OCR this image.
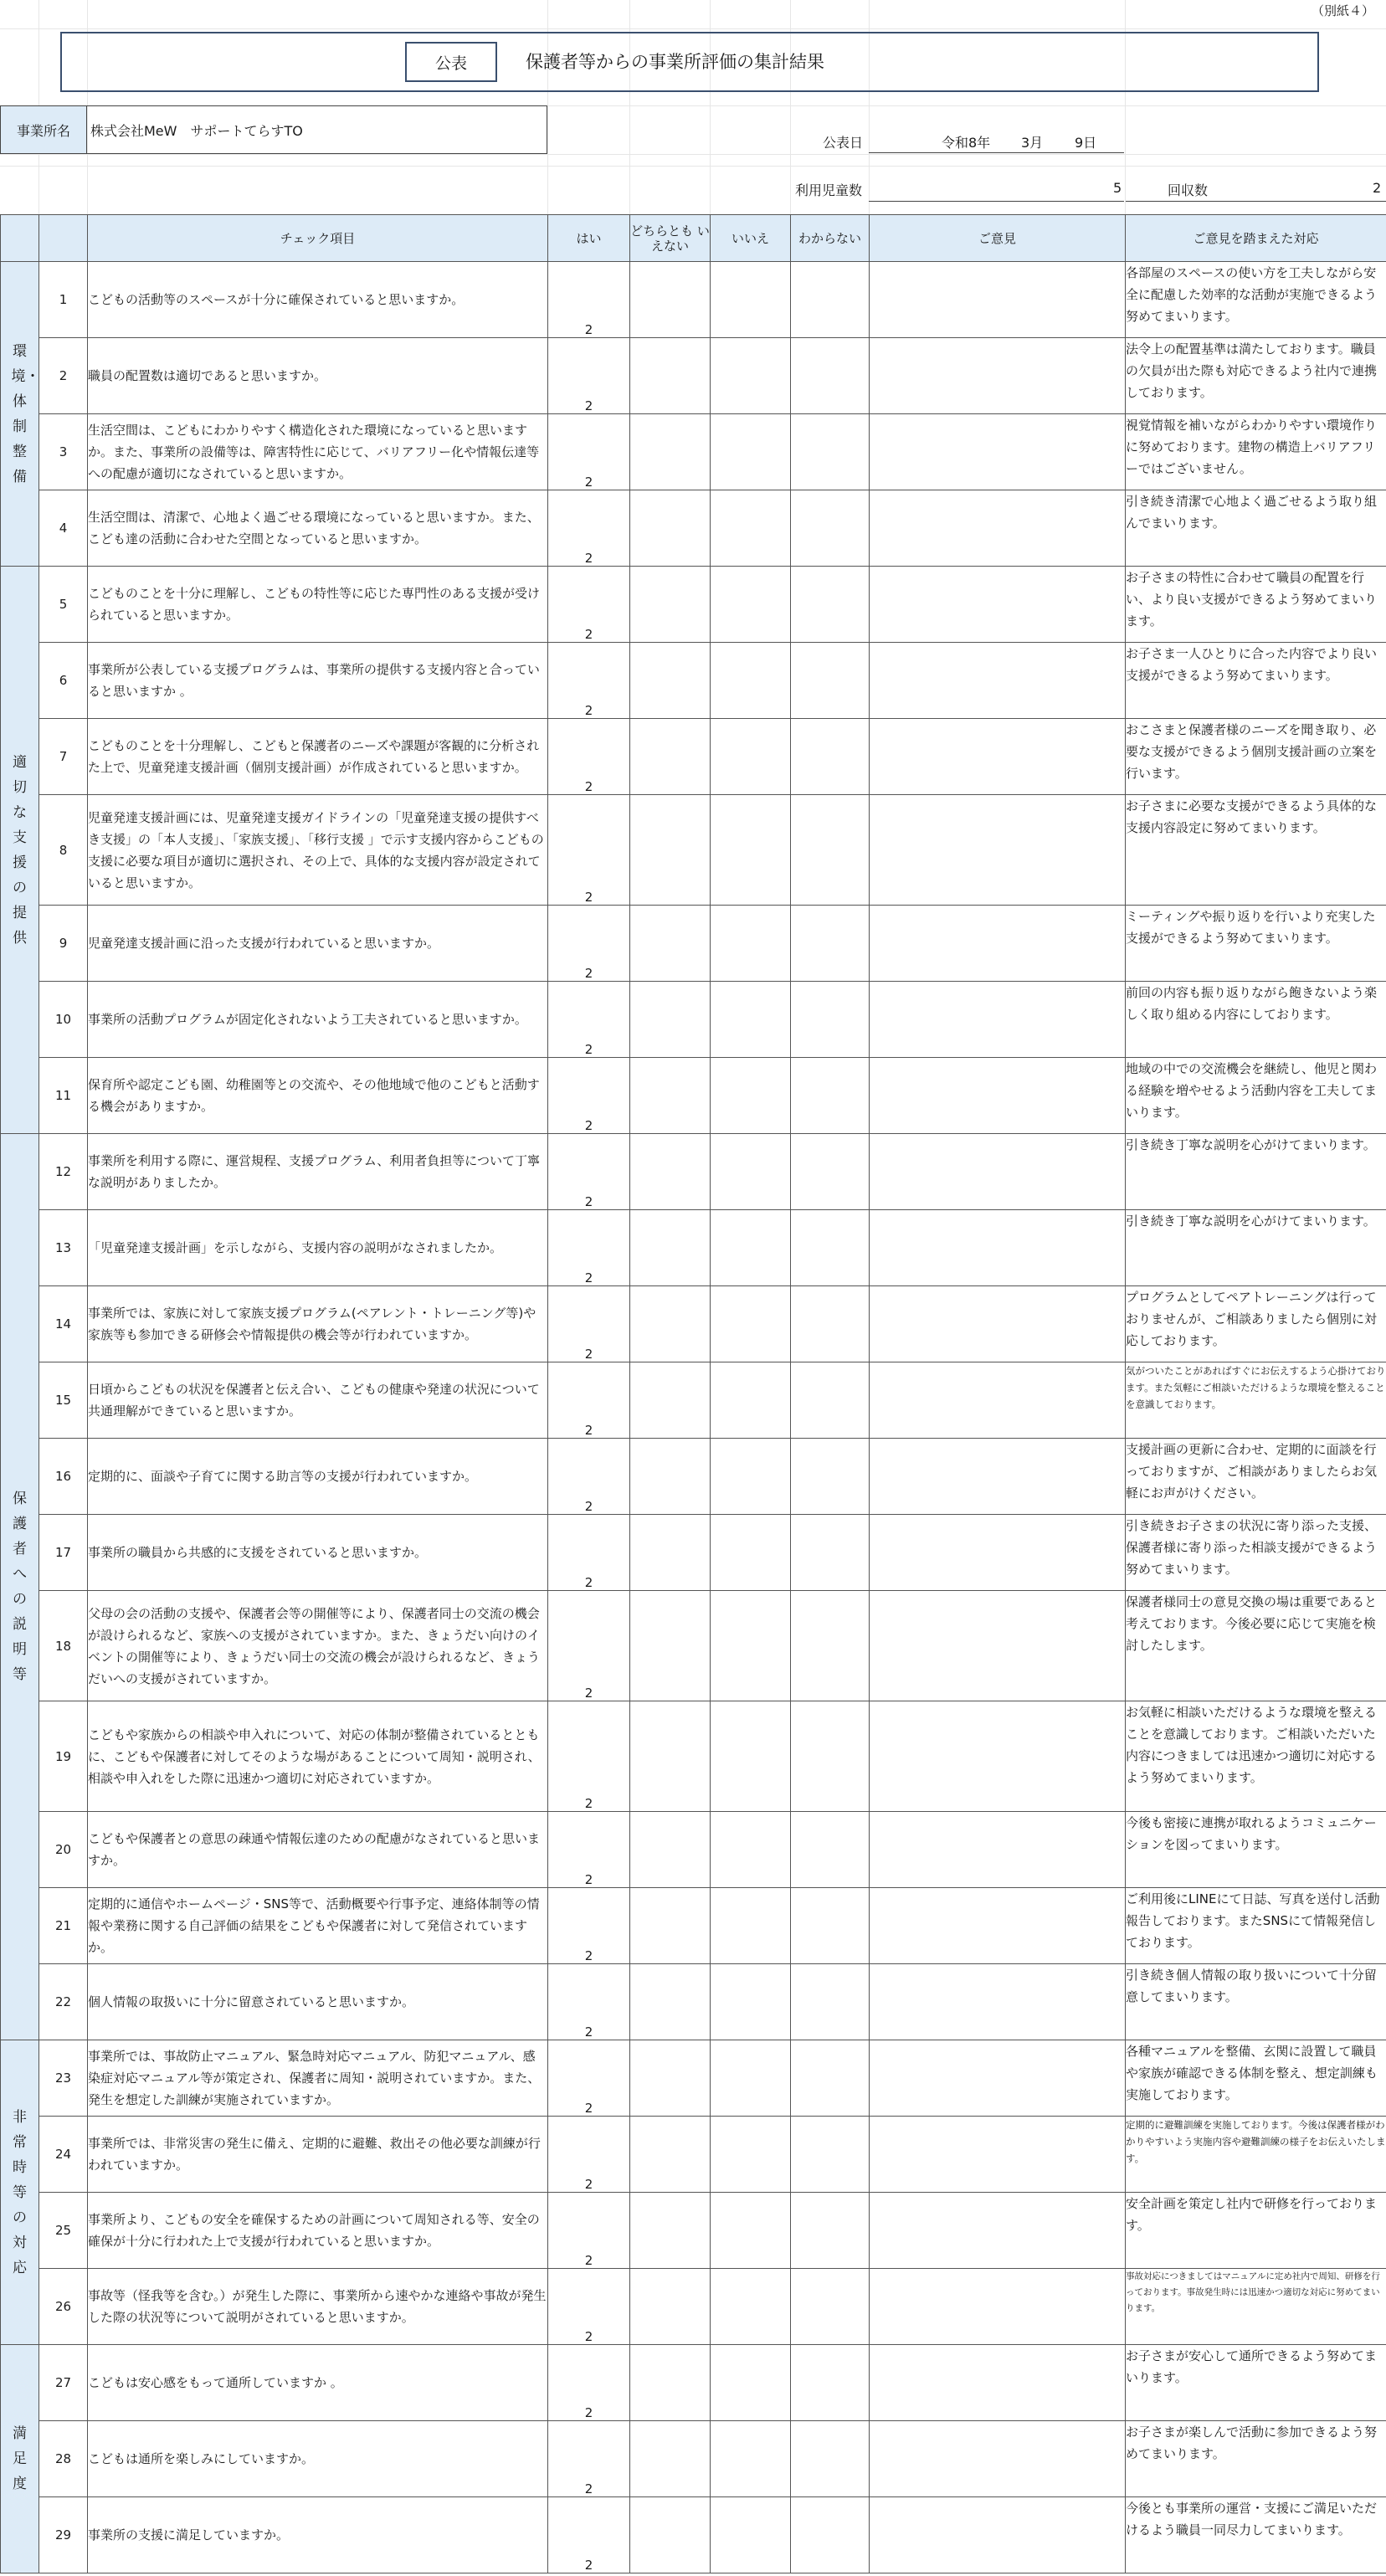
（別紙４）
公表	保護者等からの事業所評価の集計結果
事業所名	株式会社MeW　サポートてらすTO
公表日	令和8年 3月 9日
利用児童数	5	回収数	2
		チェック項目	はい	どちらとも いえない	いいえ	わからない	ご意見	ご意見を踏まえた対応
環境・体制整備	1	こどもの活動等のスペースが十分に確保されていると思いますか。	2					各部屋のスペースの使い方を工夫しながら安全に配慮した効率的な活動が実施できるよう努めてまいります。
	2	職員の配置数は適切であると思いますか。	2					法令上の配置基準は満たしております。職員の欠員が出た際も対応できるよう社内で連携しております。
	3	生活空間は、こどもにわかりやすく構造化された環境になっていると思いますか。また、事業所の設備等は、障害特性に応じて、バリアフリー化や情報伝達等への配慮が適切になされていると思いますか。	2					視覚情報を補いながらわかりやすい環境作りに努めております。建物の構造上バリアフリーではございません。
	4	生活空間は、清潔で、心地よく過ごせる環境になっていると思いますか。また、こども達の活動に合わせた空間となっていると思いますか。	2					引き続き清潔で心地よく過ごせるよう取り組んでまいります。
適切な支援の提供	5	こどものことを十分に理解し、こどもの特性等に応じた専門性のある支援が受けられていると思いますか。	2					お子さまの特性に合わせて職員の配置を行い、より良い支援ができるよう努めてまいります。
	6	事業所が公表している支援プログラムは、事業所の提供する支援内容と合っていると思いますか 。	2					お子さま一人ひとりに合った内容でより良い支援ができるよう努めてまいります。
	7	こどものことを十分理解し、こどもと保護者のニーズや課題が客観的に分析された上で、児童発達支援計画（個別支援計画）が作成されていると思いますか。	2					おこさまと保護者様のニーズを聞き取り、必要な支援ができるよう個別支援計画の立案を行います。
	8	児童発達支援計画には、児童発達支援ガイドラインの「児童発達支援の提供すべき支援」の「本人支援」、「家族支援」、「移行支援 」で示す支援内容からこどもの支援に必要な項目が適切に選択され、その上で、具体的な支援内容が設定されていると思いますか。	2					お子さまに必要な支援ができるよう具体的な支援内容設定に努めてまいります。
	9	児童発達支援計画に沿った支援が行われていると思いますか。	2					ミーティングや振り返りを行いより充実した支援ができるよう努めてまいります。
	10	事業所の活動プログラムが固定化されないよう工夫されていると思いますか。	2					前回の内容も振り返りながら飽きないよう楽しく取り組める内容にしております。
	11	保育所や認定こども園、幼稚園等との交流や、その他地域で他のこどもと活動する機会がありますか。	2					地域の中での交流機会を継続し、他児と関わる経験を増やせるよう活動内容を工夫してまいります。
保護者への説明等	12	事業所を利用する際に、運営規程、支援プログラム、利用者負担等について丁寧な説明がありましたか。	2					引き続き丁寧な説明を心がけてまいります。
	13	「児童発達支援計画」を示しながら、支援内容の説明がなされましたか。	2					引き続き丁寧な説明を心がけてまいります。
	14	事業所では、家族に対して家族支援プログラム(ペアレント・トレーニング等)や家族等も参加できる研修会や情報提供の機会等が行われていますか。	2					プログラムとしてペアトレーニングは行っておりませんが、ご相談ありましたら個別に対応しております。
	15	日頃からこどもの状況を保護者と伝え合い、こどもの健康や発達の状況について共通理解ができていると思いますか。	2					気がついたことがあればすぐにお伝えするよう心掛けております。また気軽にご相談いただけるような環境を整えることを意識しております。
	16	定期的に、面談や子育てに関する助言等の支援が行われていますか。	2					支援計画の更新に合わせ、定期的に面談を行っておりますが、ご相談がありましたらお気軽にお声がけください。
	17	事業所の職員から共感的に支援をされていると思いますか。	2					引き続きお子さまの状況に寄り添った支援、保護者様に寄り添った相談支援ができるよう努めてまいります。
	18	父母の会の活動の支援や、保護者会等の開催等により、保護者同士の交流の機会が設けられるなど、家族への支援がされていますか。また、きょうだい向けのイベントの開催等により、きょうだい同士の交流の機会が設けられるなど、きょうだいへの支援がされていますか。	2					保護者様同士の意見交換の場は重要であると考えております。今後必要に応じて実施を検討したします。
	19	こどもや家族からの相談や申入れについて、対応の体制が整備されているとともに、こどもや保護者に対してそのような場があることについて周知・説明され、相談や申入れをした際に迅速かつ適切に対応されていますか。	2					お気軽に相談いただけるような環境を整えることを意識しております。ご相談いただいた内容につきましては迅速かつ適切に対応するよう努めてまいります。
	20	こどもや保護者との意思の疎通や情報伝達のための配慮がなされていると思いますか。	2					今後も密接に連携が取れるようコミュニケーションを図ってまいります。
	21	定期的に通信やホームページ・SNS等で、活動概要や行事予定、連絡体制等の情報や業務に関する自己評価の結果をこどもや保護者に対して発信されていますか。	2					ご利用後にLINEにて日誌、写真を送付し活動報告しております。またSNSにて情報発信しております。
	22	個人情報の取扱いに十分に留意されていると思いますか。	2					引き続き個人情報の取り扱いについて十分留意してまいります。
非常時等の対応	23	事業所では、事故防止マニュアル、緊急時対応マニュアル、防犯マニュアル、感染症対応マニュアル等が策定され、保護者に周知・説明されていますか。また、発生を想定した訓練が実施されていますか。	2					各種マニュアルを整備、玄関に設置して職員や家族が確認できる体制を整え、想定訓練も実施しております。
	24	事業所では、非常災害の発生に備え、定期的に避難、救出その他必要な訓練が行われていますか。	2					定期的に避難訓練を実施しております。今後は保護者様がわかりやすいよう実施内容や避難訓練の様子をお伝えいたします。
	25	事業所より、こどもの安全を確保するための計画について周知される等、安全の確保が十分に行われた上で支援が行われていると思いますか。	2					安全計画を策定し社内で研修を行っております。
	26	事故等（怪我等を含む。）が発生した際に、事業所から速やかな連絡や事故が発生した際の状況等について説明がされていると思いますか。	2					事故対応につきましてはマニュアルに定め社内で周知、研修を行っております。事故発生時には迅速かつ適切な対応に努めてまいります。
満足度	27	こどもは安心感をもって通所していますか 。	2					お子さまが安心して通所できるよう努めてまいります。
	28	こどもは通所を楽しみにしていますか。	2					お子さまが楽しんで活動に参加できるよう努めてまいります。
	29	事業所の支援に満足していますか。	2					今後とも事業所の運営・支援にご満足いただけるよう職員一同尽力してまいります。
